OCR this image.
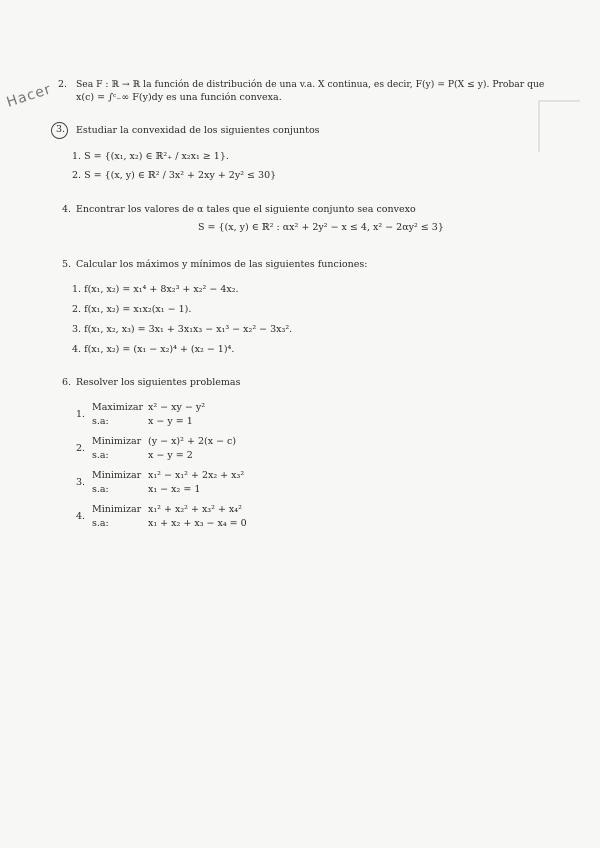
Hacer 2. Sea F : ℝ → ℝ la función de distribución de una v.a. X continua, es decir, F(y) = P(X ≤ y). Probar que
x(c) = ∫ᶜ₋∞ F(y)dy es una función convexa.
3. Estudiar la convexidad de los siguientes conjuntos
1. S = {(x₁, x₂) ∈ ℝ²₊ / x₂x₁ ≥ 1}.
2. S = {(x, y) ∈ ℝ² / 3x² + 2xy + 2y² ≤ 30}
4. Encontrar los valores de α tales que el siguiente conjunto sea convexo
S = {(x, y) ∈ ℝ² : αx² + 2y² − x ≤ 4, x² − 2αy² ≤ 3}
5. Calcular los máximos y mínimos de las siguientes funciones:
1. f(x₁, x₂) = x₁⁴ + 8x₂³ + x₂² − 4x₂.
2. f(x₁, x₂) = x₁x₂(x₁ − 1).
3. f(x₁, x₂, x₃) = 3x₁ + 3x₁x₃ − x₁³ − x₂² − 3x₃².
4. f(x₁, x₂) = (x₁ − x₂)⁴ + (x₂ − 1)⁴.
6. Resolver los siguientes problemas
1.
Maximizar
s.a:
x² − xy − y²
x − y = 1
2.
Minimizar
s.a:
(y − x)² + 2(x − c)
x − y = 2
3.
Minimizar
s.a:
x₁² − x₁² + 2x₂ + x₃²
x₁ − x₂ = 1
4.
Minimizar
s.a:
x₁² + x₂² + x₃² + x₄²
x₁ + x₂ + x₃ − x₄ = 0
